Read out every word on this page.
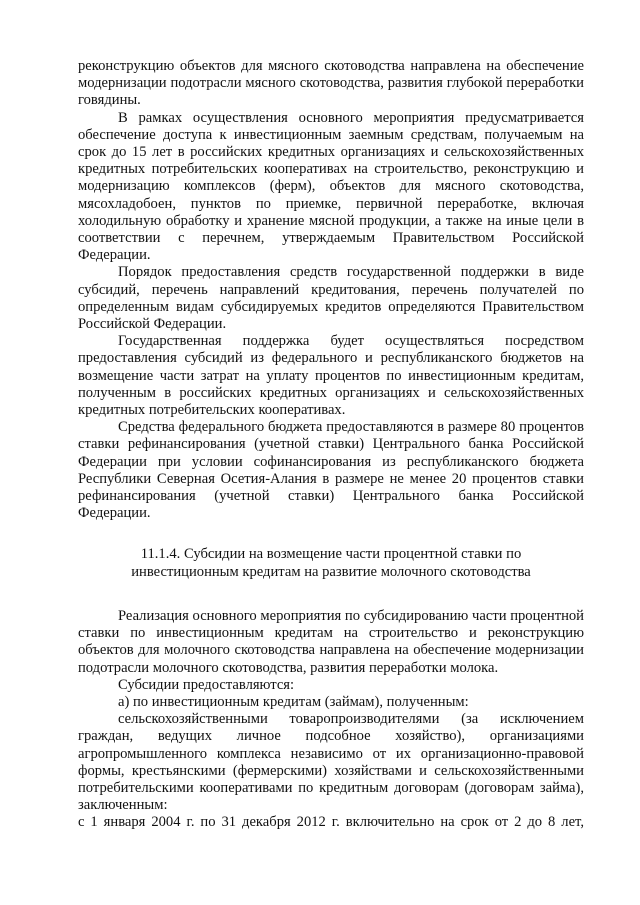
реконструкцию объектов для мясного скотоводства направлена на обеспечение модернизации подотрасли мясного скотоводства, развития глубокой переработки говядины.

В рамках осуществления основного мероприятия предусматривается обеспечение доступа к инвестиционным заемным средствам, получаемым на срок до 15 лет в российских кредитных организациях и сельскохозяйственных кредитных потребительских кооперативах на строительство, реконструкцию и модернизацию комплексов (ферм), объектов для мясного скотоводства, мясохладобоен, пунктов по приемке, первичной переработке, включая холодильную обработку и хранение мясной продукции, а также на иные цели в соответствии с перечнем, утверждаемым Правительством Российской Федерации.

Порядок предоставления средств государственной поддержки в виде субсидий, перечень направлений кредитования, перечень получателей по определенным видам субсидируемых кредитов определяются Правительством Российской Федерации.

Государственная поддержка будет осуществляться посредством предоставления субсидий из федерального и республиканского бюджетов на возмещение части затрат на уплату процентов по инвестиционным кредитам, полученным в российских кредитных организациях и сельскохозяйственных кредитных потребительских кооперативах.

Средства федерального бюджета предоставляются в размере 80 процентов ставки рефинансирования (учетной ставки) Центрального банка Российской Федерации при условии софинансирования из республиканского бюджета Республики Северная Осетия-Алания в размере не менее 20 процентов ставки рефинансирования (учетной ставки) Центрального банка Российской Федерации.

11.1.4. Субсидии на возмещение части процентной ставки по

инвестиционным кредитам на развитие молочного скотоводства

Реализация основного мероприятия по субсидированию части процентной ставки по инвестиционным кредитам на строительство и реконструкцию объектов для молочного скотоводства направлена на обеспечение модернизации подотрасли молочного скотоводства, развития переработки молока.

Субсидии предоставляются:

а) по инвестиционным кредитам (займам), полученным:

сельскохозяйственными товаропроизводителями (за исключением граждан, ведущих личное подсобное хозяйство), организациями агропромышленного комплекса независимо от их организационно-правовой формы, крестьянскими (фермерскими) хозяйствами и сельскохозяйственными потребительскими кооперативами по кредитным договорам (договорам займа), заключенным:

с 1 января 2004 г. по 31 декабря 2012 г. включительно на срок от 2 до 8 лет,
